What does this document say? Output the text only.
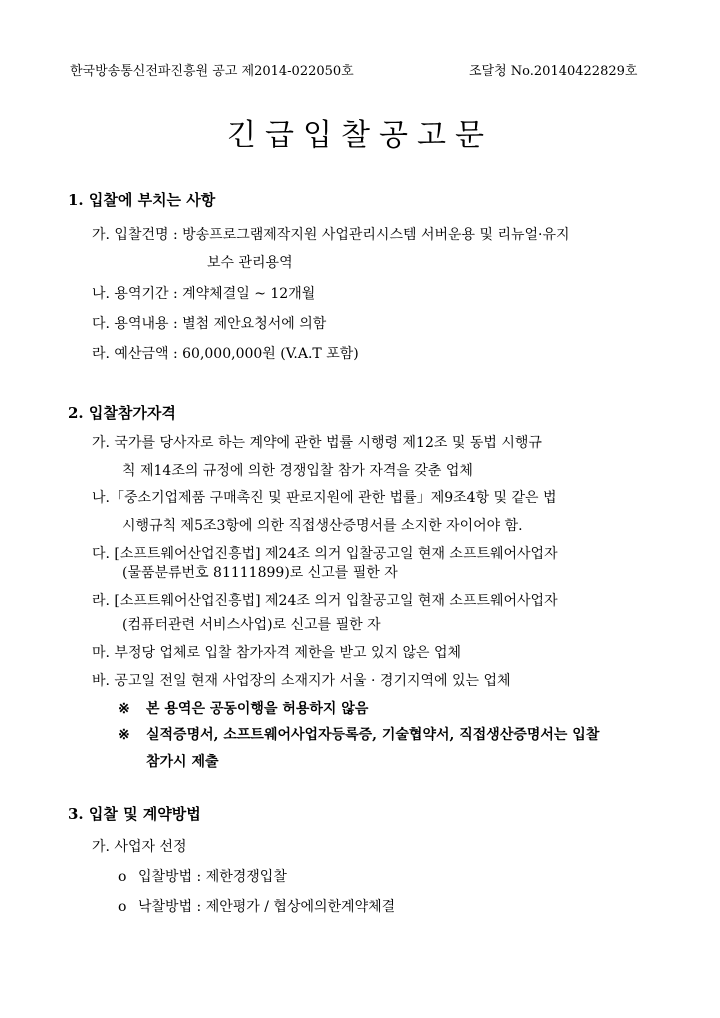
한국방송통신전파진흥원 공고 제2014-022050호	조달청 No.20140422829호
긴급입찰공고문
1. 입찰에 부치는 사항
가. 입찰건명 : 방송프로그램제작지원 사업관리시스템 서버운용 및 리뉴얼·유지
보수 관리용역
나. 용역기간 : 계약체결일 ~ 12개월
다. 용역내용 : 별첨 제안요청서에 의함
라. 예산금액 : 60,000,000원 (V.A.T 포함)
2. 입찰참가자격
가. 국가를 당사자로 하는 계약에 관한 법률 시행령 제12조 및 동법 시행규
칙 제14조의 규정에 의한 경쟁입찰 참가 자격을 갖춘 업체
나.「중소기업제품 구매촉진 및 판로지원에 관한 법률」제9조4항 및 같은 법
시행규칙 제5조3항에 의한 직접생산증명서를 소지한 자이어야 함.
다. [소프트웨어산업진흥법] 제24조 의거 입찰공고일 현재 소프트웨어사업자
(물품분류번호 81111899)로 신고를 필한 자
라. [소프트웨어산업진흥법] 제24조 의거 입찰공고일 현재 소프트웨어사업자
(컴퓨터관련 서비스사업)로 신고를 필한 자
마. 부정당 업체로 입찰 참가자격 제한을 받고 있지 않은 업체
바. 공고일 전일 현재 사업장의 소재지가 서울 · 경기지역에 있는 업체
※ 본 용역은 공동이행을 허용하지 않음
※ 실적증명서, 소프트웨어사업자등록증, 기술협약서, 직접생산증명서는 입찰
참가시 제출
3. 입찰 및 계약방법
가. 사업자 선정
o 입찰방법 : 제한경쟁입찰
o 낙찰방법 : 제안평가 / 협상에의한계약체결
